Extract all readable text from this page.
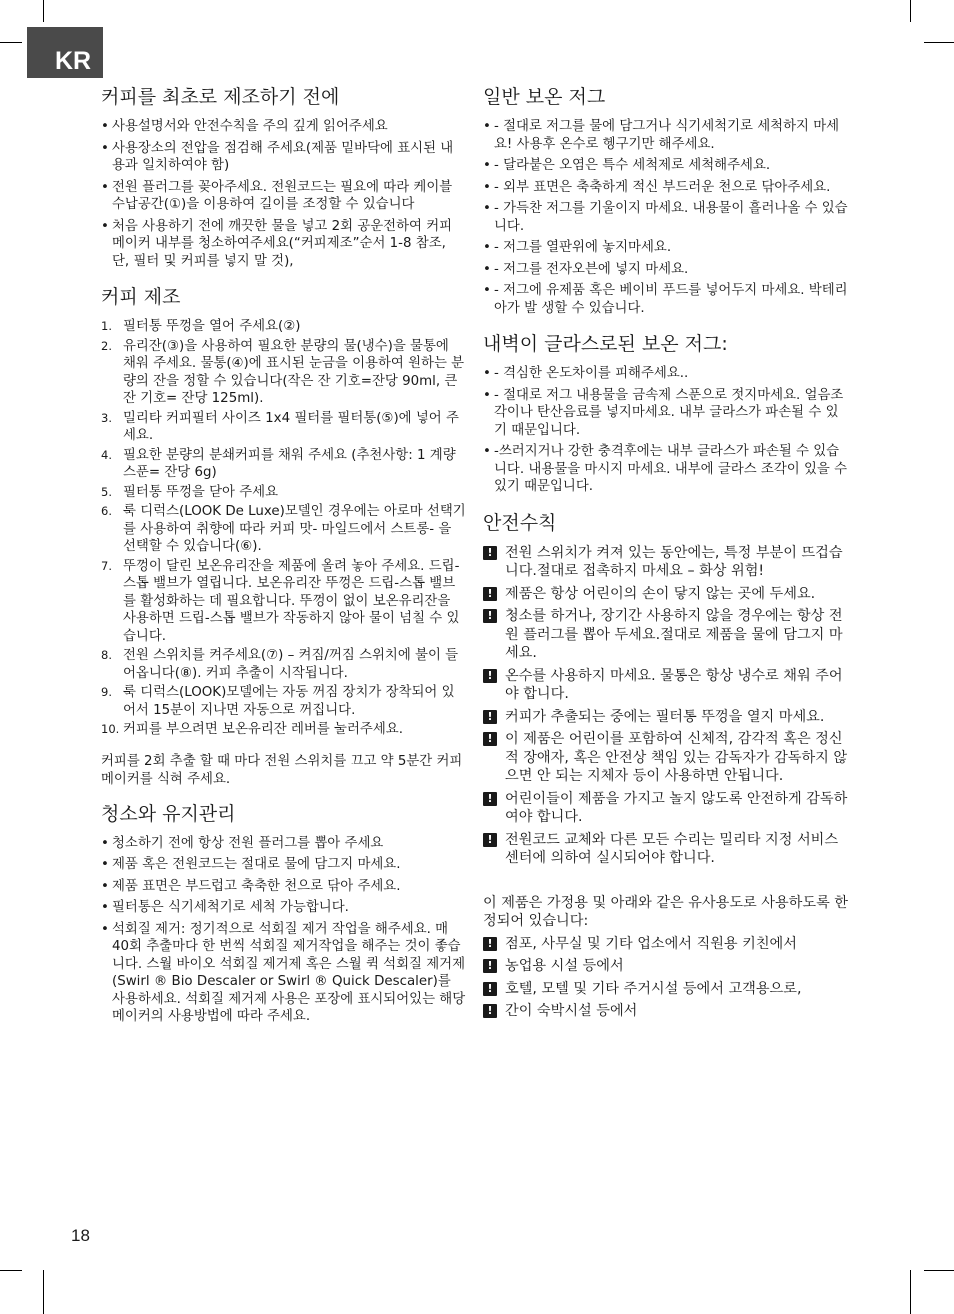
KR
커피를 최초로 제조하기 전에
• 사용설명서와 안전수칙을 주의 깊게 읽어주세요
• 사용장소의 전압을 점검해 주세요(제품 밑바닥에 표시된 내용과 일치하여야 함)
• 전원 플러그를 꽂아주세요. 전원코드는 필요에 따라 케이블 수납공간(①)을 이용하여 길이를 조정할 수 있습니다
• 처음 사용하기 전에 깨끗한 물을 넣고 2회 공운전하여 커피 메이커 내부를 청소하여주세요(“커피제조”순서 1-8 참조, 단, 필터 및 커피를 넣지 말 것),
커피 제조
1. 필터통 뚜껑을 열어 주세요(②)
2. 유리잔(③)을 사용하여 필요한 분량의 물(냉수)을 물통에 채워 주세요. 물통(④)에 표시된 눈금을 이용하여 원하는 분량의 잔을 정할 수 있습니다(작은 잔 기호=잔당 90ml, 큰 잔 기호= 잔당 125ml).
3. 밀리타 커피필터 사이즈 1x4 필터를 필터통(⑤)에 넣어 주세요.
4. 필요한 분량의 분쇄커피를 채워 주세요 (추천사항: 1 계량 스푼= 잔당 6g)
5. 필터통 뚜껑을 닫아 주세요
6. 룩 디럭스(LOOK De Luxe)모델인 경우에는 아로마 선택기를 사용하여 취향에 따라 커피 맛- 마일드에서 스트롱- 을 선택할 수 있습니다(⑥).
7. 뚜껑이 달린 보온유리잔을 제품에 올려 놓아 주세요. 드립-스톱 밸브가 열립니다. 보온유리잔 뚜껑은 드립-스톱 밸브를 활성화하는 데 필요합니다. 뚜껑이 없이 보온유리잔을 사용하면 드립-스톱 밸브가 작동하지 않아 물이 넘칠 수 있습니다.
8. 전원 스위치를 켜주세요(⑦) – 켜짐/꺼짐 스위치에 불이 들어옵니다(⑧). 커피 추출이 시작됩니다.
9. 룩 디럭스(LOOK)모델에는 자동 꺼짐 장치가 장착되어 있어서 15분이 지나면 자동으로 꺼집니다.
10. 커피를 부으려면 보온유리잔 레버를 눌러주세요.

커피를 2회 추출 할 때 마다 전원 스위치를 끄고 약 5분간 커피 메이커를 식혀 주세요.

청소와 유지관리
• 청소하기 전에 항상 전원 플러그를 뽑아 주세요
• 제품 혹은 전원코드는 절대로 물에 담그지 마세요.
• 제품 표면은 부드럽고 축축한 천으로 닦아 주세요.
• 필터통은 식기세척기로 세척 가능합니다.
• 석회질 제거: 정기적으로 석회질 제거 작업을 해주세요. 매 40회 추출마다 한 번씩 석회질 제거작업을 해주는 것이 좋습니다. 스월 바이오 석회질 제거제 혹은 스월 퀵 석회질 제거제(Swirl ® Bio Descaler or Swirl ® Quick Descaler)를 사용하세요. 석회질 제거제 사용은 포장에 표시되어있는 해당 메이커의 사용방법에 따라 주세요.
일반 보온 저그
• - 절대로 저그를 물에 담그거나 식기세척기로 세척하지 마세요! 사용후 온수로 헹구기만 해주세요.
• - 달라붙은 오염은 특수 세척제로 세척해주세요.
• - 외부 표면은 축축하게 적신 부드러운 천으로 닦아주세요.
• - 가득찬 저그를 기울이지 마세요. 내용물이 흘러나올 수 있습니다.
• - 저그를 열판위에 놓지마세요.
• - 저그를 전자오븐에 넣지 마세요.
• - 저그에 유제품 혹은 베이비 푸드를 넣어두지 마세요. 박테리아가 발 생할 수 있습니다.
내벽이 글라스로된 보온 저그:
• - 격심한 온도차이를 피해주세요..
• - 절대로 저그 내용물을 금속제 스푼으로 젓지마세요. 얼음조각이나 탄산음료를 넣지마세요. 내부 글라스가 파손될 수 있기 때문입니다.
• -쓰러지거나 강한 충격후에는 내부 글라스가 파손될 수 있습니다. 내용물을 마시지 마세요. 내부에 글라스 조각이 있을 수 있기 때문입니다.
안전수칙
! 전원 스위치가 켜져 있는 동안에는, 특정 부분이 뜨겁습니다.절대로 접촉하지 마세요 – 화상 위험!
! 제품은 항상 어린이의 손이 닿지 않는 곳에 두세요.
! 청소를 하거나, 장기간 사용하지 않을 경우에는 항상 전원 플러그를 뽑아 두세요.절대로 제품을 물에 담그지 마세요.
! 온수를 사용하지 마세요. 물통은 항상 냉수로 채워 주어야 합니다.
! 커피가 추출되는 중에는 필터통 뚜껑을 열지 마세요.
! 이 제품은 어린이를 포함하여 신체적, 감각적 혹은 정신적 장애자, 혹은 안전상 책임 있는 감독자가 감독하지 않으면 안 되는 지체자 등이 사용하면 안됩니다.
! 어린이들이 제품을 가지고 놀지 않도록 안전하게 감독하여야 합니다.
! 전원코드 교체와 다른 모든 수리는 밀리타 지정 서비스 센터에 의하여 실시되어야 합니다.

이 제품은 가정용 및 아래와 같은 유사용도로 사용하도록 한정되어 있습니다:

! 점포, 사무실 및 기타 업소에서 직원용 키친에서
! 농업용 시설 등에서
! 호텔, 모텔 및 기타 주거시설 등에서 고객용으로,
! 간이 숙박시설 등에서
18
